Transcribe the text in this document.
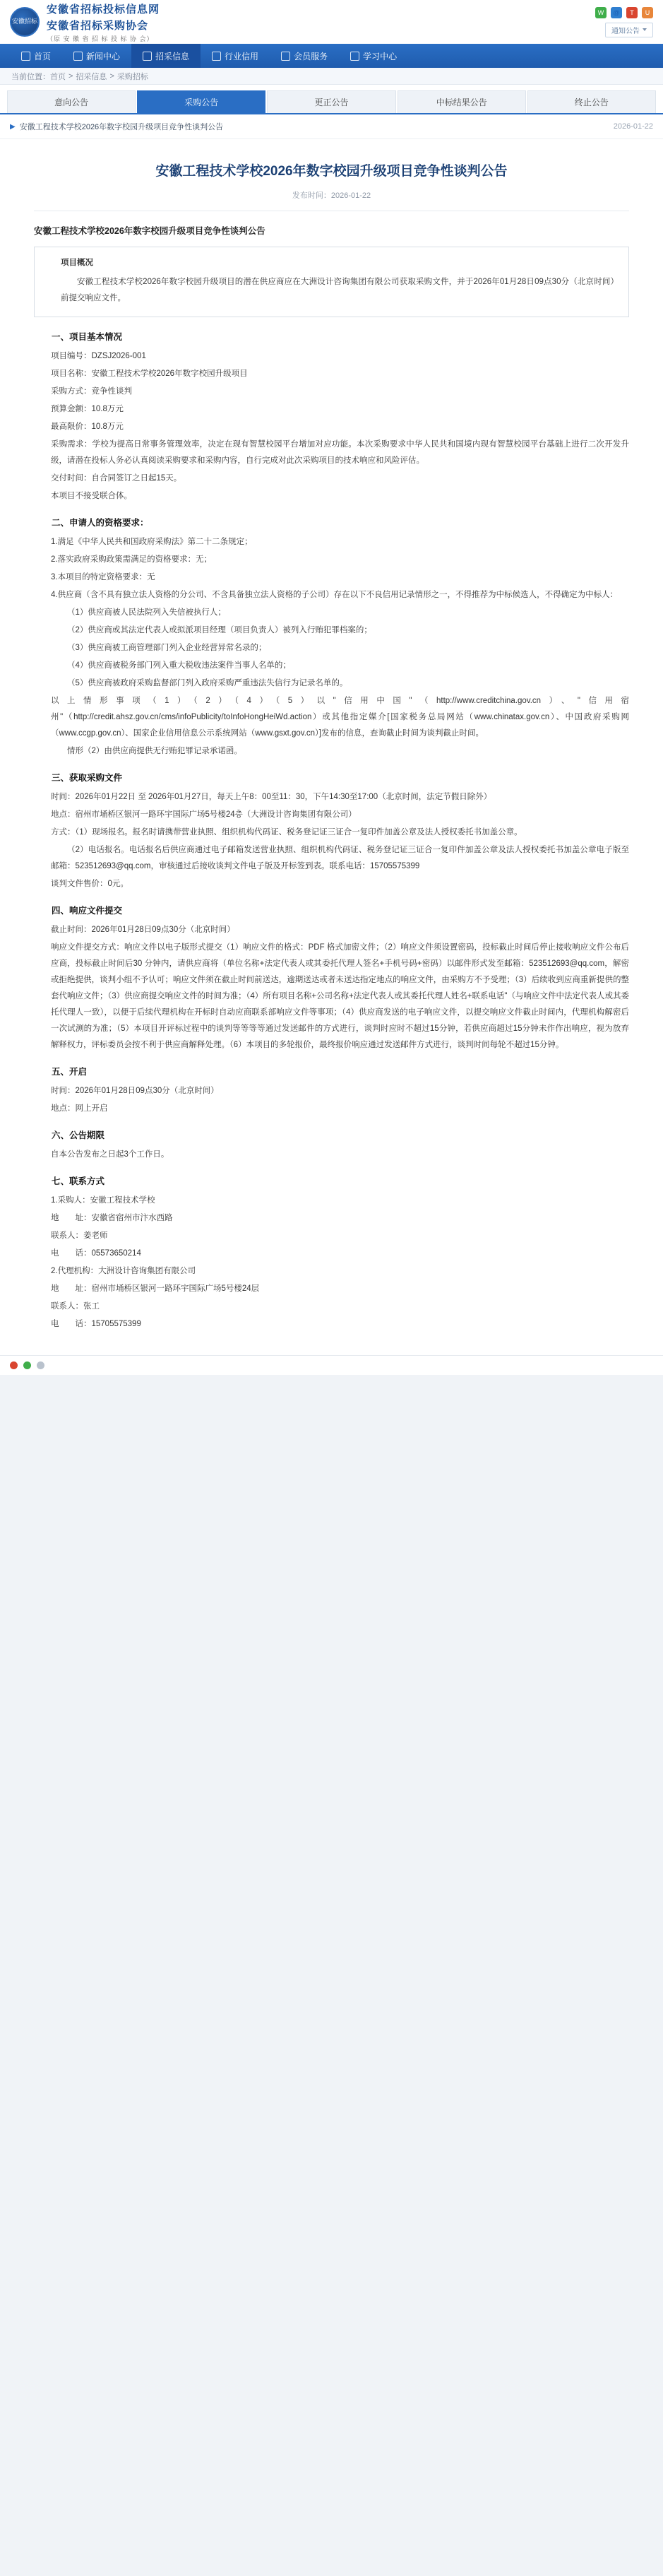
安徽招标
安徽省招标投标信息网
安徽省招标采购协会
（原 安 徽 省 招 标 投 标 协 会）
W	@	T	U
通知公告
首页	新闻中心	招采信息	行业信用	会员服务	学习中心
当前位置： 首页 > 招采信息 > 采购招标
意向公告	采购公告	更正公告	中标结果公告	终止公告
▶ 安徽工程技术学校2026年数字校园升级项目竞争性谈判公告	2026-01-22
安徽工程技术学校2026年数字校园升级项目竞争性谈判公告
发布时间：2026-01-22
安徽工程技术学校2026年数字校园升级项目竞争性谈判公告
项目概况
安徽工程技术学校2026年数字校园升级项目的潜在供应商应在大洲设计咨询集团有限公司获取采购文件，并于2026年01月28日09点30分（北京时间）前提交响应文件。
一、项目基本情况
项目编号：DZSJ2026-001
项目名称：安徽工程技术学校2026年数字校园升级项目
采购方式：竞争性谈判
预算金额：10.8万元
最高限价：10.8万元
采购需求：学校为提高日常事务管理效率，决定在现有智慧校园平台增加对应功能。本次采购要求中华人民共和国境内现有智慧校园平台基础上进行二次开发升级，请潜在投标人务必认真阅读采购要求和采购内容，自行完成对此次采购项目的技术响应和风险评估。
交付时间：自合同签订之日起15天。
本项目不接受联合体。
二、申请人的资格要求：
1.满足《中华人民共和国政府采购法》第二十二条规定；
2.落实政府采购政策需满足的资格要求：无；
3.本项目的特定资格要求：无
4.供应商（含不具有独立法人资格的分公司、不含具备独立法人资格的子公司）存在以下不良信用记录情形之一，不得推荐为中标候选人，不得确定为中标人：
（1）供应商被人民法院列入失信被执行人；
（2）供应商或其法定代表人或拟派项目经理（项目负责人）被列入行贿犯罪档案的；
（3）供应商被工商管理部门列入企业经营异常名录的；
（4）供应商被税务部门列入重大税收违法案件当事人名单的；
（5）供应商被政府采购监督部门列入政府采购严重违法失信行为记录名单的。
以上情形事项（1）（2）（4）（5）以"信用中国"（http://www.creditchina.gov.cn）、"信用宿州"（http://credit.ahsz.gov.cn/cms/infoPublicity/toInfoHongHeiWd.action）或其他指定媒介[国家税务总局网站（www.chinatax.gov.cn）、中国政府采购网（www.ccgp.gov.cn）、国家企业信用信息公示系统网站（www.gsxt.gov.cn）]发布的信息，查询截止时间为谈判截止时间。
情形（2）由供应商提供无行贿犯罪记录承诺函。
三、获取采购文件
时间：2026年01月22日 至 2026年01月27日，每天上午8：00至11：30，下午14:30至17:00（北京时间，法定节假日除外）
地点：宿州市埇桥区银河一路环宇国际广场5号楼24층（大洲设计咨询集团有限公司）
方式：（1）现场报名。报名时请携带营业执照、组织机构代码证、税务登记证三证合一复印件加盖公章及法人授权委托书加盖公章。
（2）电话报名。电话报名后供应商通过电子邮箱发送营业执照、组织机构代码证、税务登记证三证合一复印件加盖公章及法人授权委托书加盖公章电子版至邮箱：523512693@qq.com，审核通过后接收谈判文件电子版及开标签到表。联系电话：15705575399
谈判文件售价：0元。
四、响应文件提交
截止时间：2026年01月28日09点30分（北京时间）
响应文件提交方式：响应文件以电子版形式提交（1）响应文件的格式：PDF 格式加密文件；（2）响应文件须设置密码，投标截止时间后停止接收响应文件公布后应商，投标截止时间后30 分钟内，请供应商将（单位名称+法定代表人或其委托代理人签名+手机号码+密码）以邮件形式发至邮箱：523512693@qq.com，解密或拒绝提供，谈判小组不予认可；响应文件须在截止时间前送达，逾期送达或者未送达指定地点的响应文件，由采购方不予受理；（3）后续收到应商重新提供的整套代响应文件；（3）供应商提交响应文件的时间为准；（4）所有项目名称+公司名称+法定代表人或其委托代理人姓名+联系电话"（与响应文件中法定代表人或其委托代理人一致），以便于后续代理机构在开标时自动应商联系部响应文件等事项；（4）供应商发送的电子响应文件，以提交响应文件截止时间内，代理机构解密后一次试测的为准；（5）本项目开评标过程中的谈判等等等等通过发送邮件的方式进行，谈判时应时不超过15分钟，若供应商超过15分钟未作作出响应，视为放弃解释权力，评标委员会按不利于供应商解释处理。（6）本项目的多轮报价，最终报价响应通过发送邮件方式进行，谈判时间每轮不超过15分钟。
五、开启
时间：2026年01月28日09点30分（北京时间）
地点：网上开启
六、公告期限
自本公告发布之日起3个工作日。
七、联系方式
1.采购人：安徽工程技术学校
地　　址：安徽省宿州市汴水西路
联系人：姜老师
电　　话：05573650214
2.代理机构：大洲设计咨询集团有限公司
地　　址：宿州市埇桥区银河一路环宇国际广场5号楼24层
联系人：张工
电　　话：15705575399
